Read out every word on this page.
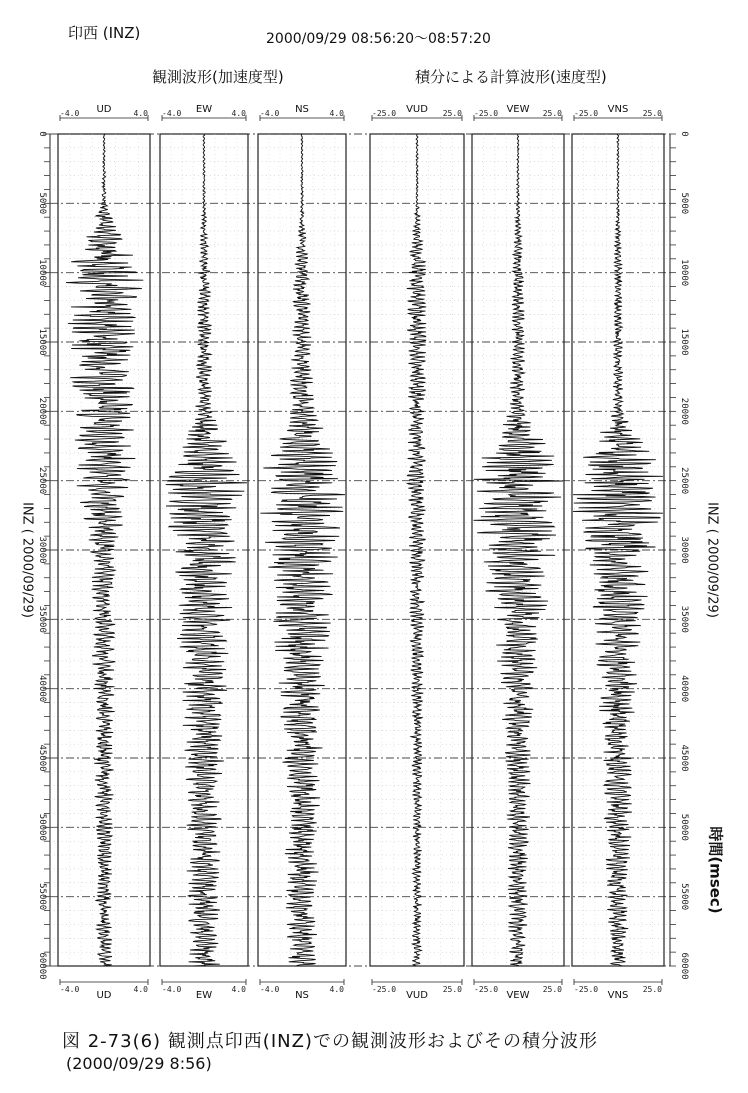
印西 (INZ)	2000/09/29 08:56:20〜08:57:20
観測波形(加速度型)	積分による計算波形(速度型)
0	0
5000	5000
10000	10000
15000	15000
20000	20000
25000	25000
30000	30000
35000	35000
40000	40000
45000	45000
50000	50000
55000	55000
60000	60000
-4.0	4.0
UD
-4.0	4.0
UD
-4.0	4.0
EW
-4.0	4.0
EW
-4.0	4.0
NS
-4.0	4.0
NS
-25.0	25.0
VUD
-25.0	25.0
VUD
-25.0	25.0
VEW
-25.0	25.0
VEW
-25.0	25.0
VNS
-25.0	25.0
VNS
INZ ( 2000/09/29)	INZ ( 2000/09/29)
時間(msec)
図 2-73(6) 観測点印西(INZ)での観測波形およびその積分波形
(2000/09/29 8:56)
